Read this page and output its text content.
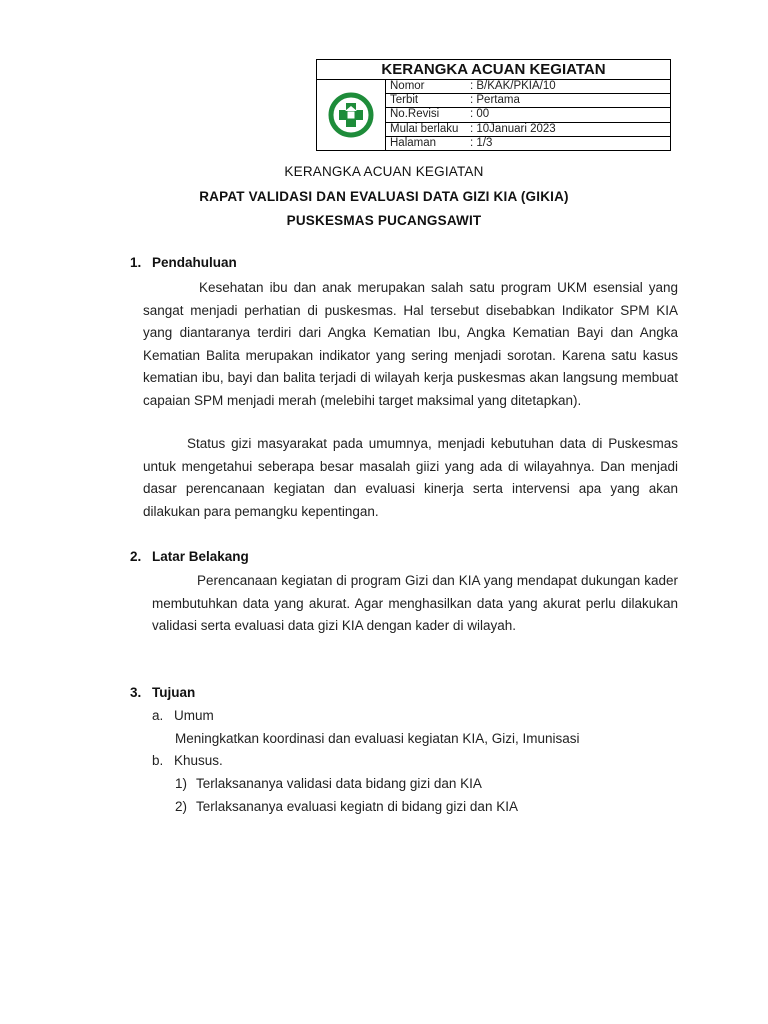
KERANGKA ACUAN KEGIATAN
Nomor	: B/KAK/PKIA/10
Terbit	: Pertama
No.Revisi	: 00
Mulai berlaku : 10Januari 2023
Halaman	: 1/3
KERANGKA ACUAN KEGIATAN
RAPAT VALIDASI DAN EVALUASI DATA GIZI KIA (GIKIA)
PUSKESMAS PUCANGSAWIT
1. Pendahuluan
Kesehatan ibu dan anak merupakan salah satu program UKM esensial yang sangat menjadi perhatian di puskesmas. Hal tersebut disebabkan Indikator SPM KIA yang diantaranya terdiri dari Angka Kematian Ibu, Angka Kematian Bayi dan Angka Kematian Balita merupakan indikator yang sering menjadi sorotan. Karena satu kasus kematian ibu, bayi dan balita terjadi di wilayah kerja puskesmas akan langsung membuat capaian SPM menjadi merah (melebihi target maksimal yang ditetapkan).
Status gizi masyarakat pada umumnya, menjadi kebutuhan data di Puskesmas untuk mengetahui seberapa besar masalah giizi yang ada di wilayahnya. Dan menjadi dasar perencanaan kegiatan dan evaluasi kinerja serta intervensi apa yang akan dilakukan para pemangku kepentingan.
2. Latar Belakang
Perencanaan kegiatan di program Gizi dan KIA yang mendapat dukungan kader membutuhkan data yang akurat. Agar menghasilkan data yang akurat perlu dilakukan validasi serta evaluasi data gizi KIA dengan kader di wilayah.
3. Tujuan
a. Umum
Meningkatkan koordinasi dan evaluasi kegiatan KIA, Gizi, Imunisasi
b. Khusus.
1) Terlaksananya validasi data bidang gizi dan KIA
2) Terlaksananya evaluasi kegiatn di bidang gizi dan KIA
